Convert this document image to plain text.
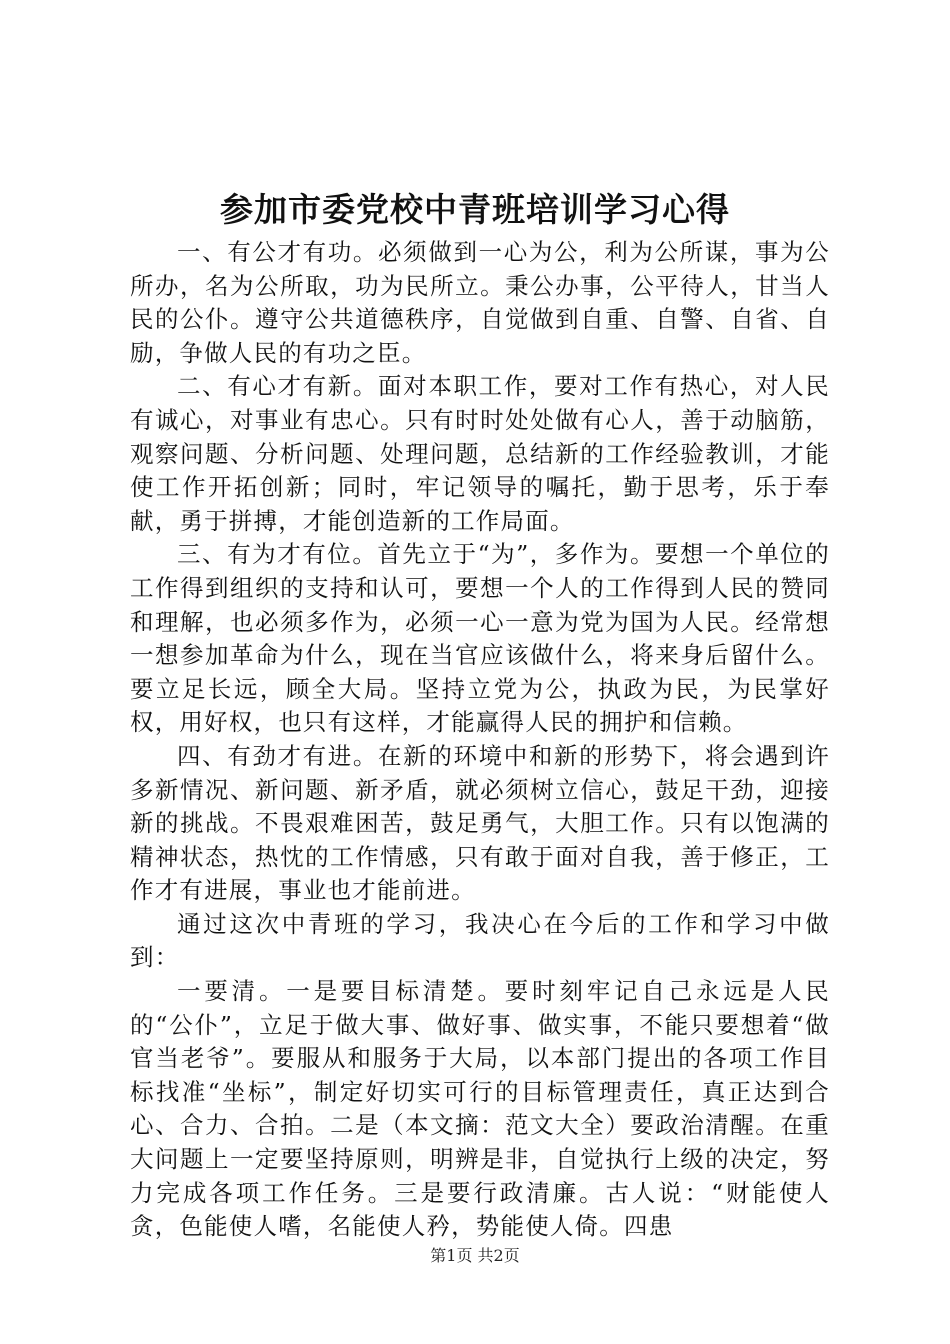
参加市委党校中青班培训学习心得

一、有公才有功。必须做到一心为公，利为公所谋，事为公所办，名为公所取，功为民所立。秉公办事，公平待人，甘当人民的公仆。遵守公共道德秩序，自觉做到自重、自警、自省、自励，争做人民的有功之臣。

二、有心才有新。面对本职工作，要对工作有热心，对人民有诚心，对事业有忠心。只有时时处处做有心人，善于动脑筋，观察问题、分析问题、处理问题，总结新的工作经验教训，才能使工作开拓创新；同时，牢记领导的嘱托，勤于思考，乐于奉献，勇于拼搏，才能创造新的工作局面。

三、有为才有位。首先立于“为”，多作为。要想一个单位的工作得到组织的支持和认可，要想一个人的工作得到人民的赞同和理解，也必须多作为，必须一心一意为党为国为人民。经常想一想参加革命为什么，现在当官应该做什么，将来身后留什么。要立足长远，顾全大局。坚持立党为公，执政为民，为民掌好权，用好权，也只有这样，才能赢得人民的拥护和信赖。

四、有劲才有进。在新的环境中和新的形势下，将会遇到许多新情况、新问题、新矛盾，就必须树立信心，鼓足干劲，迎接新的挑战。不畏艰难困苦，鼓足勇气，大胆工作。只有以饱满的精神状态，热忱的工作情感，只有敢于面对自我，善于修正，工作才有进展，事业也才能前进。

通过这次中青班的学习，我决心在今后的工作和学习中做到：

一要清。一是要目标清楚。要时刻牢记自己永远是人民的“公仆”，立足于做大事、做好事、做实事，不能只要想着“做官当老爷”。要服从和服务于大局，以本部门提出的各项工作目标找准“坐标”，制定好切实可行的目标管理责任，真正达到合心、合力、合拍。二是（本文摘：范文大全）要政治清醒。在重大问题上一定要坚持原则，明辨是非，自觉执行上级的决定，努力完成各项工作任务。三是要行政清廉。古人说：“财能使人贪，色能使人嗜，名能使人矜，势能使人倚。四患

第1页 共2页
